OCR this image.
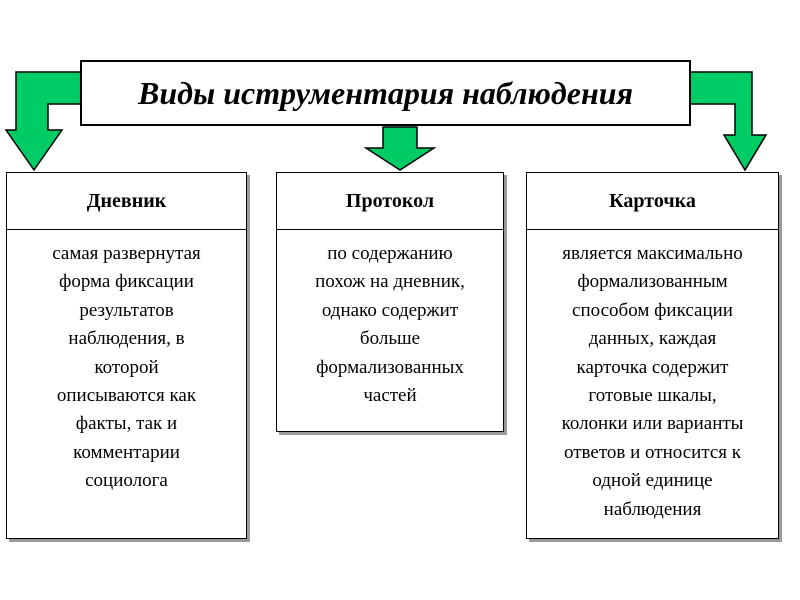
Виды иструментария наблюдения
Дневник
самая развернутая
форма фиксации
результатов
наблюдения, в
которой
описываются как
факты, так и
комментарии
социолога
Протокол
по содержанию
похож на дневник,
однако содержит
больше
формализованных
частей
Карточка
является максимально
формализованным
способом фиксации
данных, каждая
карточка содержит
готовые шкалы,
колонки или варианты
ответов и относится к
одной единице
наблюдения
